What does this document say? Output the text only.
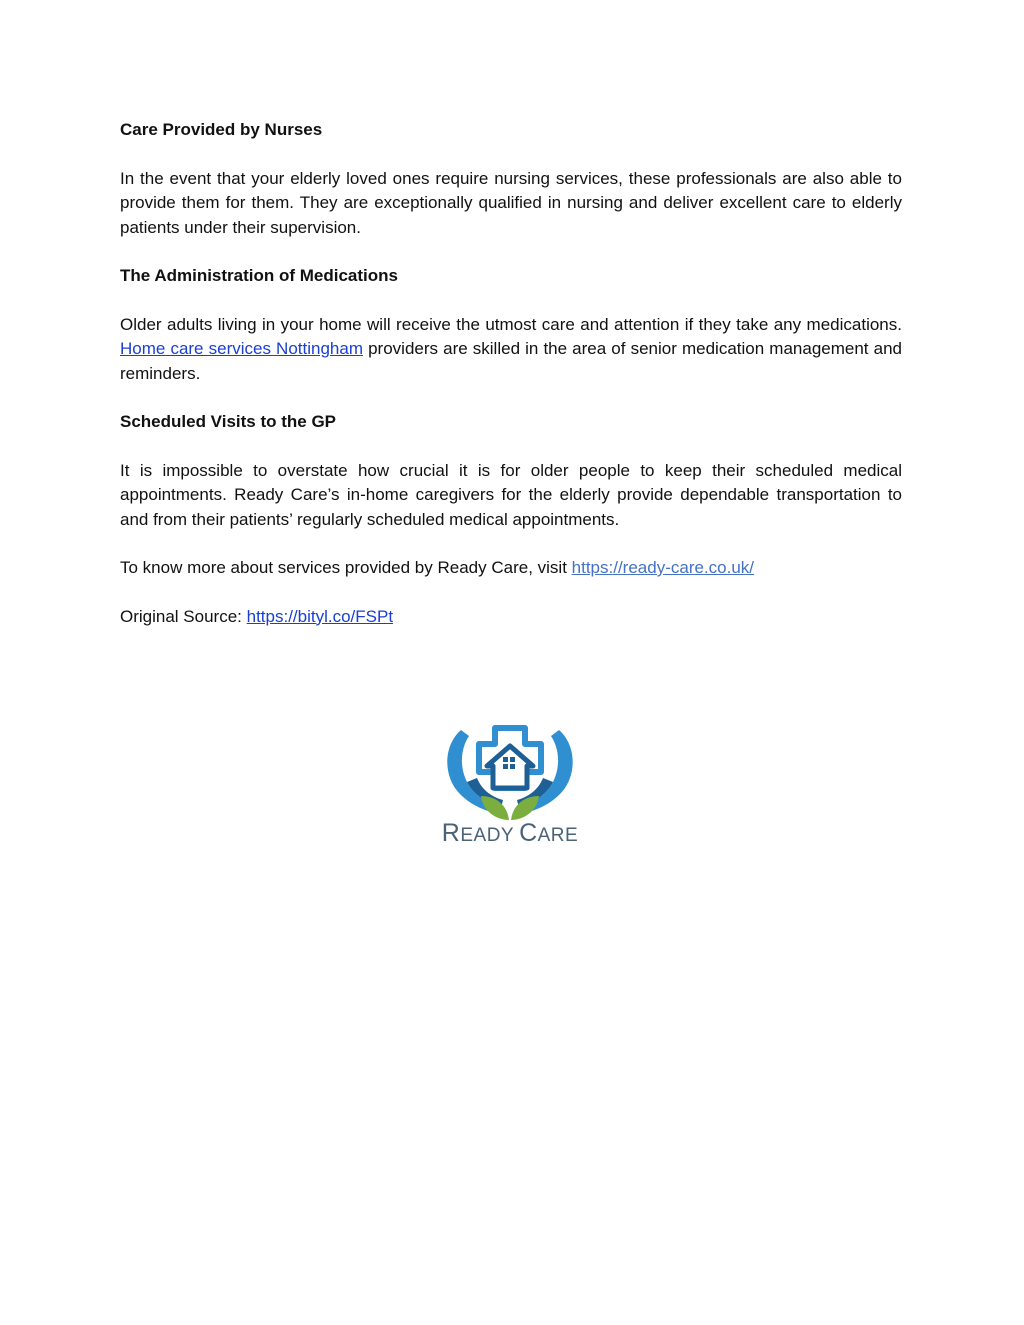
Care Provided by Nurses
In the event that your elderly loved ones require nursing services, these professionals are also able to provide them for them. They are exceptionally qualified in nursing and deliver excellent care to elderly patients under their supervision.
The Administration of Medications
Older adults living in your home will receive the utmost care and attention if they take any medications. Home care services Nottingham providers are skilled in the area of senior medication management and reminders.
Scheduled Visits to the GP
It is impossible to overstate how crucial it is for older people to keep their scheduled medical appointments. Ready Care’s in-home caregivers for the elderly provide dependable transportation to and from their patients’ regularly scheduled medical appointments.
To know more about services provided by Ready Care, visit https://ready-care.co.uk/
Original Source: https://bityl.co/FSPt
READY CARE
